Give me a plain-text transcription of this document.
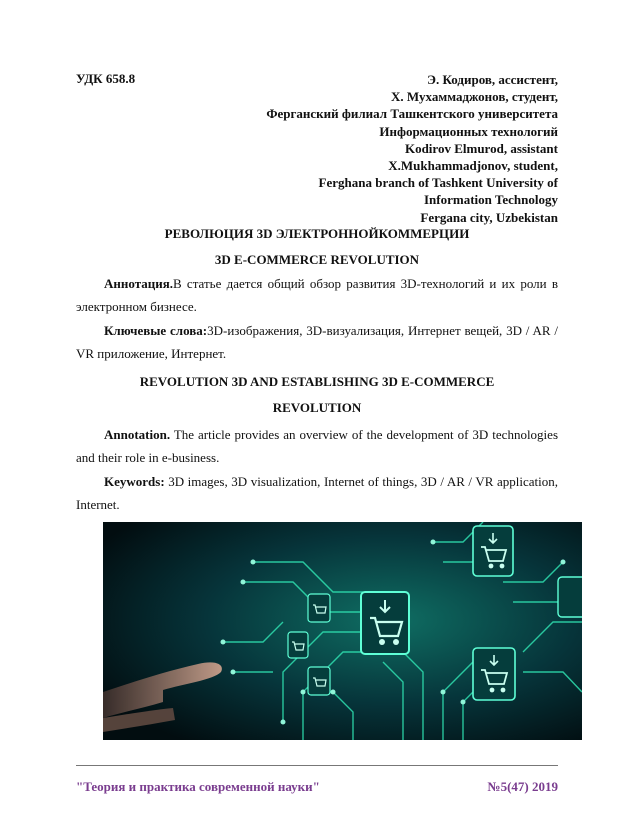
УДК 658.8	Э. Кодиров, ассистент,
Х. Мухаммаджонов, студент,
Ферганский филиал Ташкентского университета
Информационных технологий
Kodirov Elmurod, assistant
X.Mukhammadjonov, student,
Ferghana branch of Tashkent University of
Information Technology
Fergana city, Uzbekistan
РЕВОЛЮЦИЯ 3D ЭЛЕКТРОННОЙКОММЕРЦИИ
3D E-COMMERCE REVOLUTION
Аннотация.В статье дается общий обзор развития 3D-технологий и их роли в электронном бизнесе.
Ключевые слова:3D-изображения, 3D-визуализация, Интернет вещей, 3D / AR / VR приложение, Интернет.
REVOLUTION 3D AND ESTABLISHING 3D E-COMMERCE
REVOLUTION
Annotation. The article provides an overview of the development of 3D technologies and their role in e-business.
Keywords: 3D images, 3D visualization, Internet of things, 3D / AR / VR application, Internet.
"Теория и практика современной науки"	№5(47) 2019
